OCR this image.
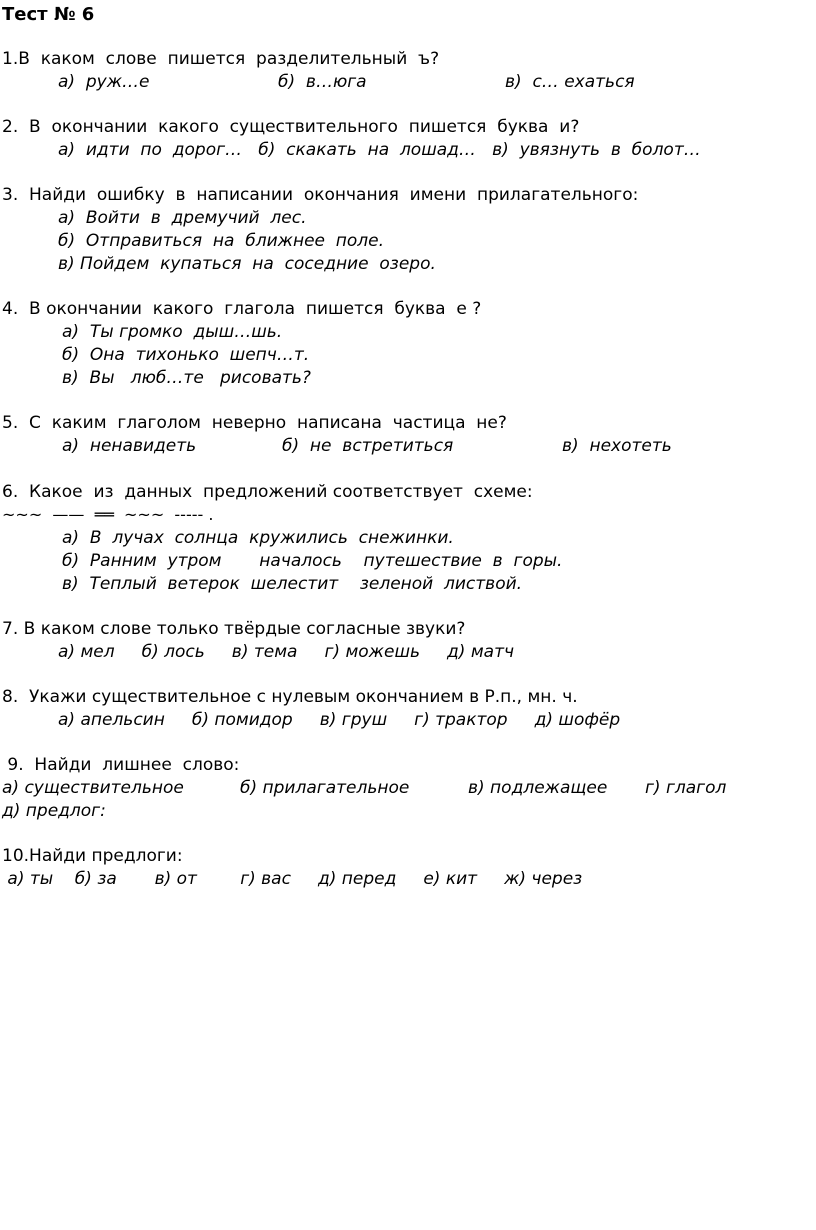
Тест № 6
1.В  каком  слове  пишется  разделительный  ъ?
а)  руж…е	б)  в…юга	в)  с… ехаться
2.  В  окончании  какого  существительного  пишется  буква  и?
а)  идти  по  дорог…   б)  скакать  на  лошад…   в)  увязнуть  в  болот…
3.  Найди  ошибку  в  написании  окончания  имени  прилагательного:
а)  Войти  в  дремучий  лес.
б)  Отправиться  на  ближнее  поле.
в) Пойдем  купаться  на  соседние  озеро.
4.  В окончании  какого  глагола  пишется  буква  е ?
а)  Ты громко  дыш…шь.
б)  Она  тихонько  шепч…т.
в)  Вы   люб…те   рисовать?
5.  С  каким  глаголом  неверно  написана  частица  не?
а)  ненавидеть	б)  не  встретиться	в)  нехотеть
6.  Какое  из  данных  предложений соответствует  схеме:
~~~  ——  ══  ~~~  ----- .
а)  В  лучах  солнца  кружились  снежинки.
б)  Ранним  утром       началось    путешествие  в  горы.
в)  Теплый  ветерок  шелестит    зеленой  листвой.
7. В каком слове только твёрдые согласные звуки?
а) мел     б) лось     в) тема     г) можешь     д) матч
8.  Укажи существительное с нулевым окончанием в Р.п., мн. ч.
а) апельсин     б) помидор     в) груш     г) трактор     д) шофёр
9.  Найди  лишнее  слово:
а) существительное	б) прилагательное	в) подлежащее г) глагол
д) предлог:
10.Найди предлоги:
а) ты    б) за       в) от        г) вас     д) перед     е) кит     ж) через
